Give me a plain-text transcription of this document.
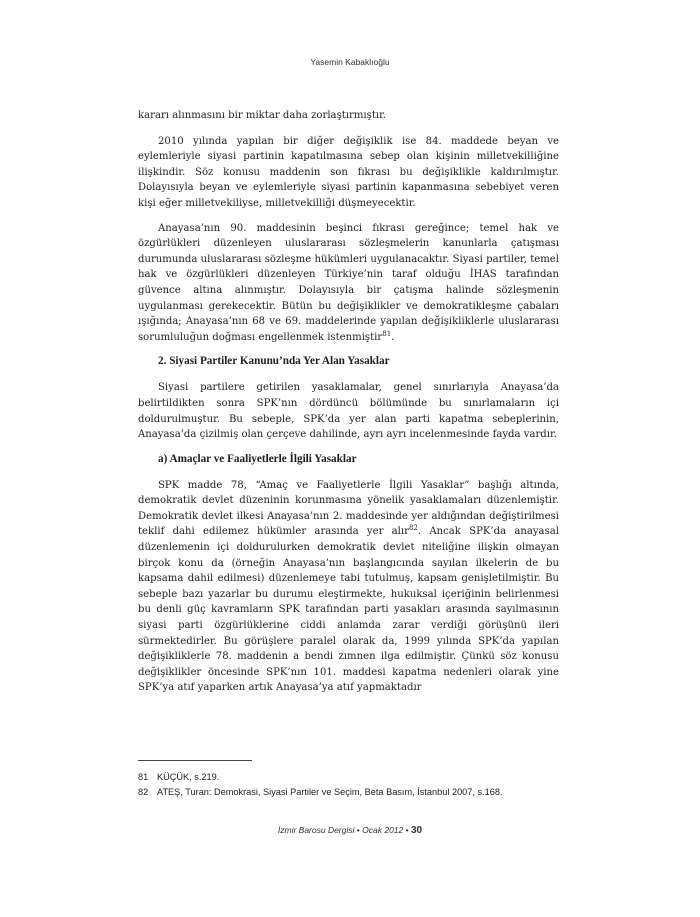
Yasemin Kabaklıoğlu

kararı alınmasını bir miktar daha zorlaştırmıştır.

2010 yılında yapılan bir diğer değişiklik ise 84. maddede beyan ve eylemleriyle siyasi partinin kapatılmasına sebep olan kişinin milletvekilliğine ilişkindir. Söz konusu maddenin son fıkrası bu değişiklikle kaldırılmıştır. Dolayısıyla beyan ve eylemleriyle siyasi partinin kapanmasına sebebiyet veren kişi eğer milletvekiliyse, milletvekilliği düşmeyecektir.

Anayasa’nın 90. maddesinin beşinci fıkrası gereğince; temel hak ve özgürlükleri düzenleyen uluslararası sözleşmelerin kanunlarla çatışması durumunda uluslararası sözleşme hükümleri uygulanacaktır. Siyasi partiler, temel hak ve özgürlükleri düzenleyen Türkiye’nin taraf olduğu İHAS tarafından güvence altına alınmıştır. Dolayısıyla bir çatışma halinde sözleşmenin uygulanması gerekecektir. Bütün bu değişiklikler ve demokratikleşme çabaları ışığında; Anayasa’nın 68 ve 69. maddelerinde yapılan değişikliklerle uluslararası sorumluluğun doğması engellenmek istenmiştir$^{81}$.

2. Siyasi Partiler Kanunu’nda Yer Alan Yasaklar

Siyasi partilere getirilen yasaklamalar, genel sınırlarıyla Anayasa’da belirtildikten sonra SPK’nın dördüncü bölümünde bu sınırlamaların içi doldurulmuştur. Bu sebeple, SPK’da yer alan parti kapatma sebeplerinin, Anayasa’da çizilmiş olan çerçeve dahilinde, ayrı ayrı incelenmesinde fayda vardır.

a) Amaçlar ve Faaliyetlerle İlgili Yasaklar

SPK madde 78, “Amaç ve Faaliyetlerle İlgili Yasaklar” başlığı altında, demokratik devlet düzeninin korunmasına yönelik yasaklamaları düzenlemiştir. Demokratik devlet ilkesi Anayasa’nın 2. maddesinde yer aldığından değiştirilmesi teklif dahi edilemez hükümler arasında yer alır$^{82}$. Ancak SPK’da anayasal düzenlemenin içi doldurulurken demokratik devlet niteliğine ilişkin olmayan birçok konu da (örneğin Anayasa’nın başlangıcında sayılan ilkelerin de bu kapsama dahil edilmesi) düzenlemeye tabi tutulmuş, kapsam genişletilmiştir. Bu sebeple bazı yazarlar bu durumu eleştirmekte, hukuksal içeriğinin belirlenmesi bu denli güç kavramların SPK tarafından parti yasakları arasında sayılmasının siyasi parti özgürlüklerine ciddi anlamda zarar verdiği görüşünü ileri sürmektedirler. Bu görüşlere paralel olarak da, 1999 yılında SPK’da yapılan değişikliklerle 78. maddenin a bendi zımnen ilga edilmiştir. Çünkü söz konusu değişiklikler öncesinde SPK’nın 101. maddesi kapatma nedenleri olarak yine SPK’ya atıf yaparken artık Anayasa’ya atıf yapmaktadır

81 KÜÇÜK, s.219.
82 ATEŞ, Turan: Demokrasi, Siyasi Partiler ve Seçim, Beta Basım, İstanbul 2007, s.168.
İzmir Barosu Dergisi • Ocak 2012 • 30
